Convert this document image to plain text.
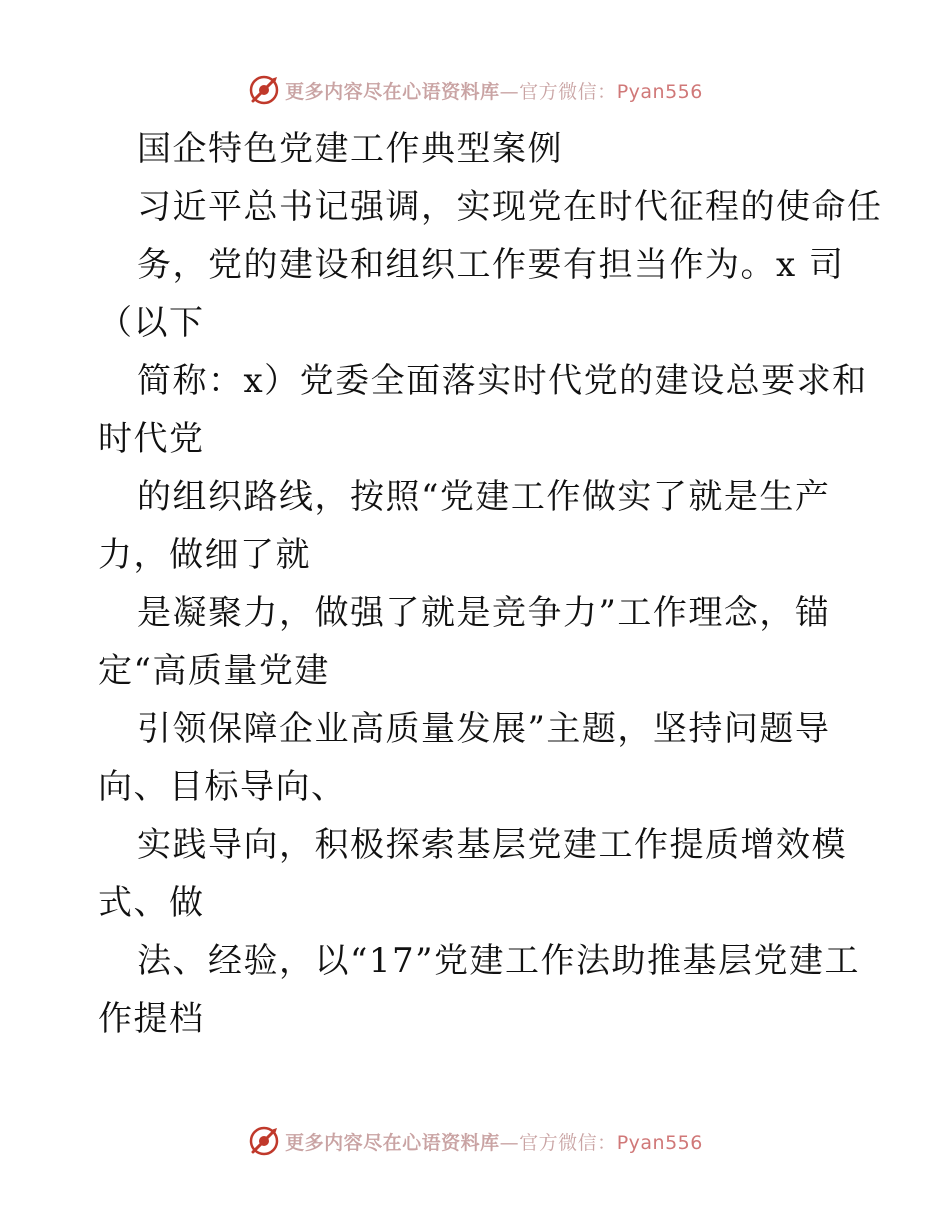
更多内容尽在心语资料库—官方微信：Pyan556
国企特色党建工作典型案例
习近平总书记强调，实现党在时代征程的使命任
务，党的建设和组织工作要有担当作为。x 司
（以下
简称：x）党委全面落实时代党的建设总要求和
时代党
的组织路线，按照“党建工作做实了就是生产
力，做细了就
是凝聚力，做强了就是竞争力”工作理念，锚
定“高质量党建
引领保障企业高质量发展”主题，坚持问题导
向、目标导向、
实践导向，积极探索基层党建工作提质增效模
式、做
法、经验，以“17”党建工作法助推基层党建工
作提档
更多内容尽在心语资料库—官方微信：Pyan556
